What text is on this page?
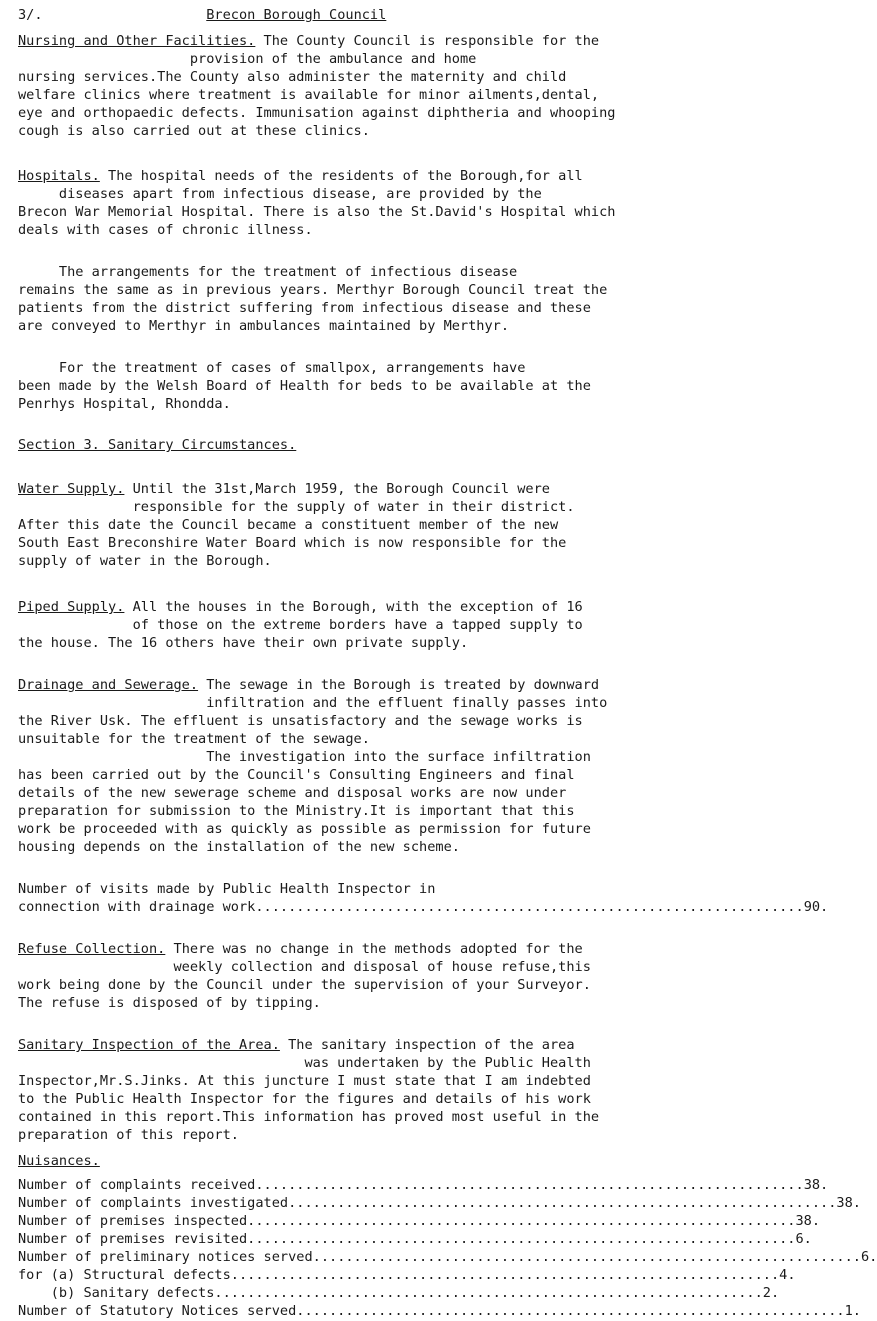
3/.	Brecon Borough Council
Nursing and Other Facilities. The County Council is responsible for the
provision of the ambulance and home
nursing services.The County also administer the maternity and child
welfare clinics where treatment is available for minor ailments,dental,
eye and orthopaedic defects. Immunisation against diphtheria and whooping
cough is also carried out at these clinics.
Hospitals. The hospital needs of the residents of the Borough,for all
diseases apart from infectious disease, are provided by the
Brecon War Memorial Hospital. There is also the St.David's Hospital which
deals with cases of chronic illness.
The arrangements for the treatment of infectious disease
remains the same as in previous years. Merthyr Borough Council treat the
patients from the district suffering from infectious disease and these
are conveyed to Merthyr in ambulances maintained by Merthyr.
For the treatment of cases of smallpox, arrangements have
been made by the Welsh Board of Health for beds to be available at the
Penrhys Hospital, Rhondda.
Section 3. Sanitary Circumstances.
Water Supply. Until the 31st,March 1959, the Borough Council were
responsible for the supply of water in their district.
After this date the Council became a constituent member of the new
South East Breconshire Water Board which is now responsible for the
supply of water in the Borough.
Piped Supply. All the houses in the Borough, with the exception of 16
of those on the extreme borders have a tapped supply to
the house. The 16 others have their own private supply.
Drainage and Sewerage. The sewage in the Borough is treated by downward
infiltration and the effluent finally passes into
the River Usk. The effluent is unsatisfactory and the sewage works is
unsuitable for the treatment of the sewage.
The investigation into the surface infiltration
has been carried out by the Council's Consulting Engineers and final
details of the new sewerage scheme and disposal works are now under
preparation for submission to the Ministry.It is important that this
work be proceeded with as quickly as possible as permission for future
housing depends on the installation of the new scheme.
Number of visits made by Public Health Inspector in
connection with drainage work ................................................................... 90.
Refuse Collection. There was no change in the methods adopted for the
weekly collection and disposal of house refuse,this
work being done by the Council under the supervision of your Surveyor.
The refuse is disposed of by tipping.
Sanitary Inspection of the Area. The sanitary inspection of the area
was undertaken by the Public Health
Inspector,Mr.S.Jinks. At this juncture I must state that I am indebted
to the Public Health Inspector for the figures and details of his work
contained in this report.This information has proved most useful in the
preparation of this report.
Nuisances.
Number of complaints received ................................................................... 38.
Number of complaints investigated ................................................................... 38.
Number of premises inspected ................................................................... 38.
Number of premises revisited ................................................................... 6.
Number of preliminary notices served ................................................................... 6.
for (a) Structural defects ................................................................... 4.
(b) Sanitary defects ................................................................... 2.
Number of Statutory Notices served ................................................................... 1.
